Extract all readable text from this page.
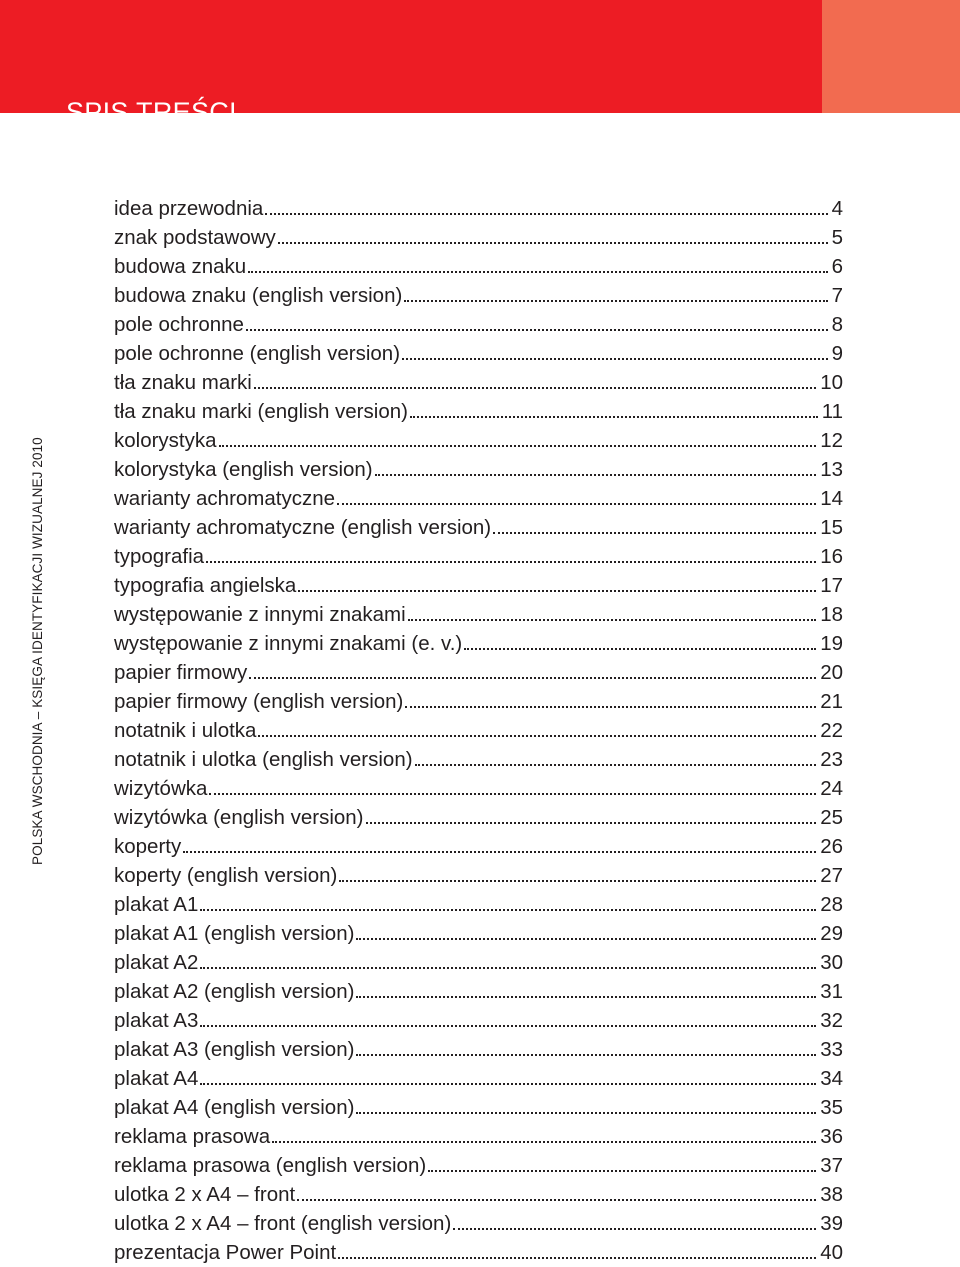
SPIS TREŚCI
POLSKA WSCHODNIA – KSIĘGA IDENTYFIKACJI WIZUALNEJ 2010
idea przewodnia	4
znak podstawowy	5
budowa znaku	6
budowa znaku (english version)	7
pole ochronne	8
pole ochronne (english version)	9
tła znaku marki	10
tła znaku marki (english version)	11
kolorystyka	12
kolorystyka (english version)	13
warianty achromatyczne	14
warianty achromatyczne (english version)	15
typografia	16
typografia angielska	17
występowanie z innymi znakami	18
występowanie z innymi znakami (e. v.)	19
papier firmowy	20
papier firmowy (english version)	21
notatnik i ulotka	22
notatnik i ulotka (english version)	23
wizytówka	24
wizytówka (english version)	25
koperty	26
koperty (english version)	27
plakat A1	28
plakat A1 (english version)	29
plakat A2	30
plakat A2 (english version)	31
plakat A3	32
plakat A3 (english version)	33
plakat A4	34
plakat A4 (english version)	35
reklama prasowa	36
reklama prasowa (english version)	37
ulotka 2 x A4 – front	38
ulotka 2 x A4 – front (english version)	39
prezentacja Power Point	40
